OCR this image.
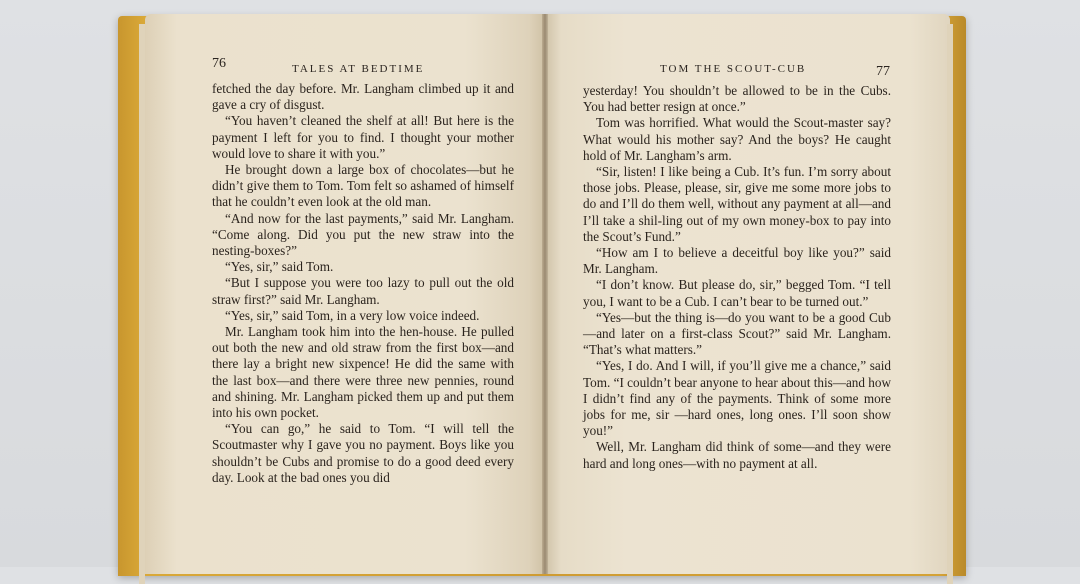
76	TALES AT BEDTIME	TOM THE SCOUT-CUB	77

fetched the day before. Mr. Langham climbed up it and gave a cry of disgust.

“You haven’t cleaned the shelf at all! But here is the payment I left for you to find. I thought your mother would love to share it with you.”

He brought down a large box of chocolates—but he didn’t give them to Tom. Tom felt so ashamed of himself that he couldn’t even look at the old man.

“And now for the last payments,” said Mr. Langham. “Come along. Did you put the new straw into the nesting-boxes?”

“Yes, sir,” said Tom.

“But I suppose you were too lazy to pull out the old straw first?” said Mr. Langham.

“Yes, sir,” said Tom, in a very low voice indeed.

Mr. Langham took him into the hen-house. He pulled out both the new and old straw from the first box—and there lay a bright new sixpence! He did the same with the last box—and there were three new pennies, round and shining. Mr. Langham picked them up and put them into his own pocket.

“You can go,” he said to Tom. “I will tell the Scoutmaster why I gave you no payment. Boys like you shouldn’t be Cubs and promise to do a good deed every day. Look at the bad ones you did

yesterday! You shouldn’t be allowed to be in the Cubs. You had better resign at once.”

Tom was horrified. What would the Scout-master say? What would his mother say? And the boys? He caught hold of Mr. Langham’s arm.

“Sir, listen! I like being a Cub. It’s fun. I’m sorry about those jobs. Please, please, sir, give me some more jobs to do and I’ll do them well, without any payment at all—and I’ll take a shil-ling out of my own money-box to pay into the Scout’s Fund.”

“How am I to believe a deceitful boy like you?” said Mr. Langham.

“I don’t know. But please do, sir,” begged Tom. “I tell you, I want to be a Cub. I can’t bear to be turned out.”

“Yes—but the thing is—do you want to be a good Cub—and later on a first-class Scout?” said Mr. Langham. “That’s what matters.”

“Yes, I do. And I will, if you’ll give me a chance,” said Tom. “I couldn’t bear anyone to hear about this—and how I didn’t find any of the payments. Think of some more jobs for me, sir —hard ones, long ones. I’ll soon show you!”

Well, Mr. Langham did think of some—and they were hard and long ones—with no payment at all.
